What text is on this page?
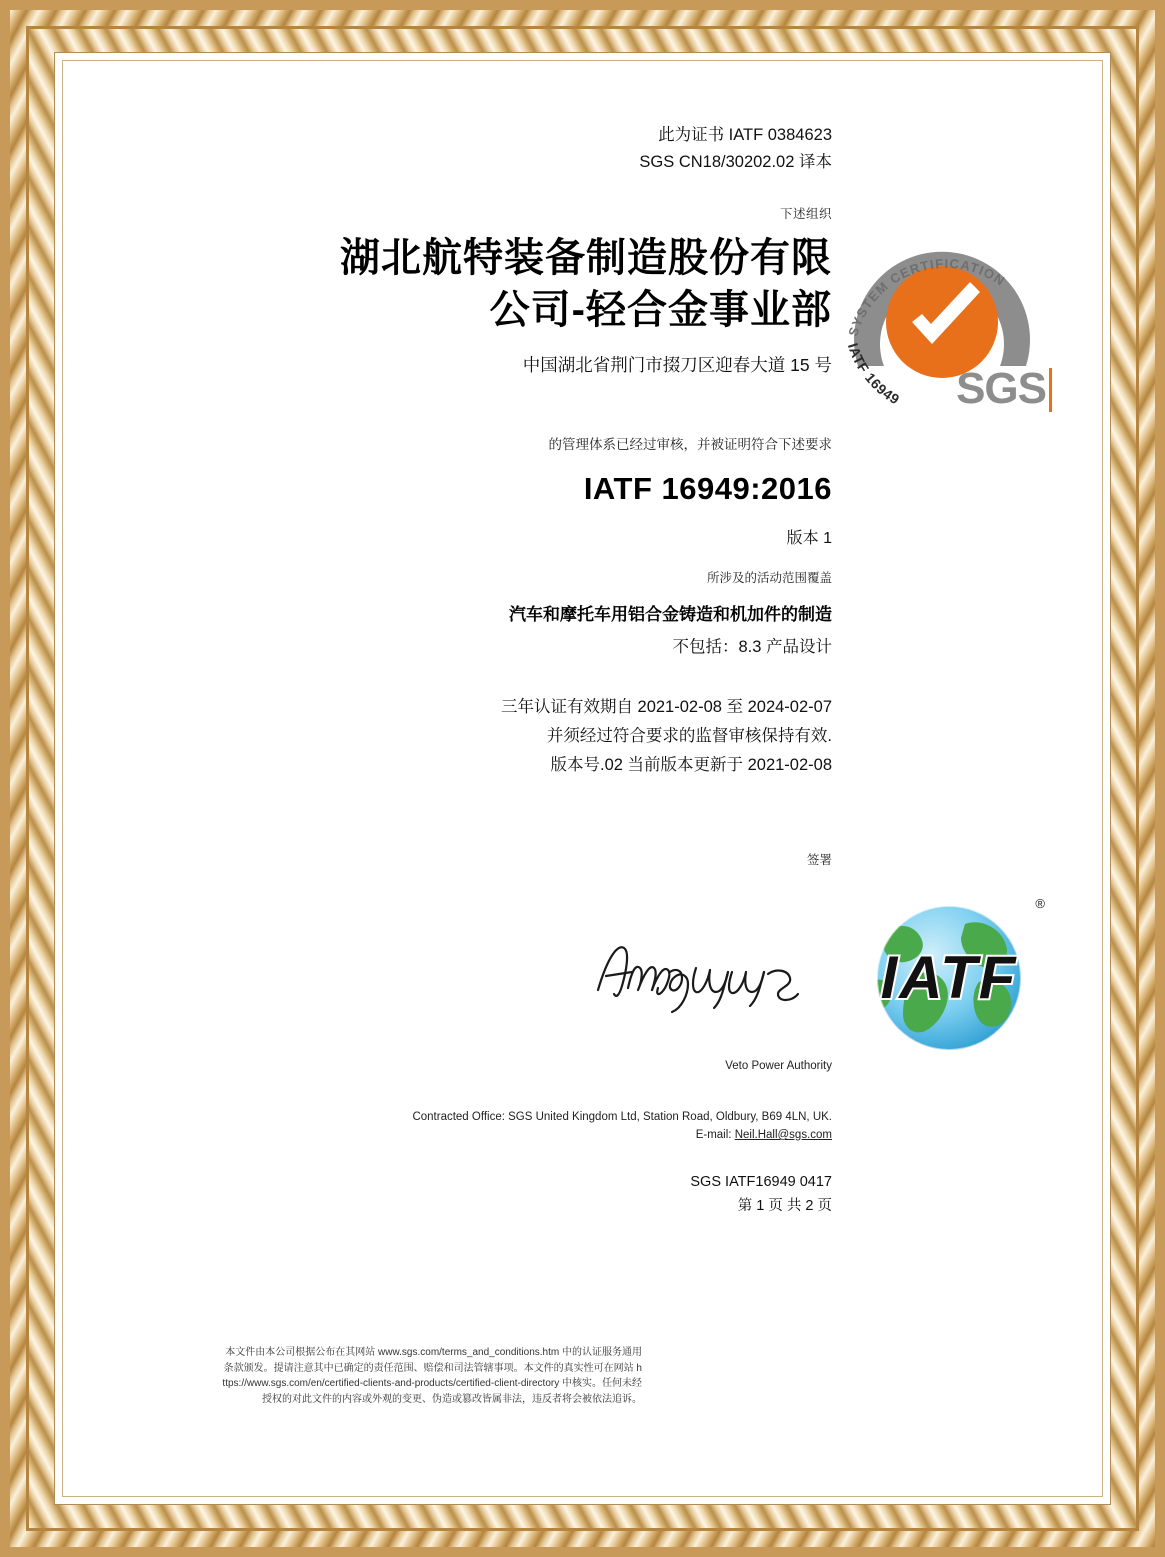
SYSTEM CERTIFICATION
IATF 16949 SGS
此为证书 IATF 0384623
SGS CN18/30202.02 译本
下述组织
湖北航特装备制造股份有限
公司-轻合金事业部
中国湖北省荆门市掇刀区迎春大道 15 号
的管理体系已经过审核，并被证明符合下述要求
IATF 16949:2016
版本 1
所涉及的活动范围覆盖
汽车和摩托车用铝合金铸造和机加件的制造
不包括：8.3 产品设计
三年认证有效期自 2021-02-08 至 2024-02-07
并须经过符合要求的监督审核保持有效.
版本号.02 当前版本更新于 2021-02-08
签署
IATF
®
Veto Power Authority
Contracted Office: SGS United Kingdom Ltd, Station Road, Oldbury, B69 4LN, UK.
E-mail: Neil.Hall@sgs.com
SGS IATF16949 0417
第 1 页 共 2 页
本文件由本公司根据公布在其网站 www.sgs.com/terms_and_conditions.htm 中的认证服务通用条款颁发。提请注意其中已确定的责任范围、赔偿和司法管辖事项。本文件的真实性可在网站 https://www.sgs.com/en/certified-clients-and-products/certified-client-directory 中核实。任何未经授权的对此文件的内容或外观的变更、伪造或篡改皆属非法，违反者将会被依法追诉。
